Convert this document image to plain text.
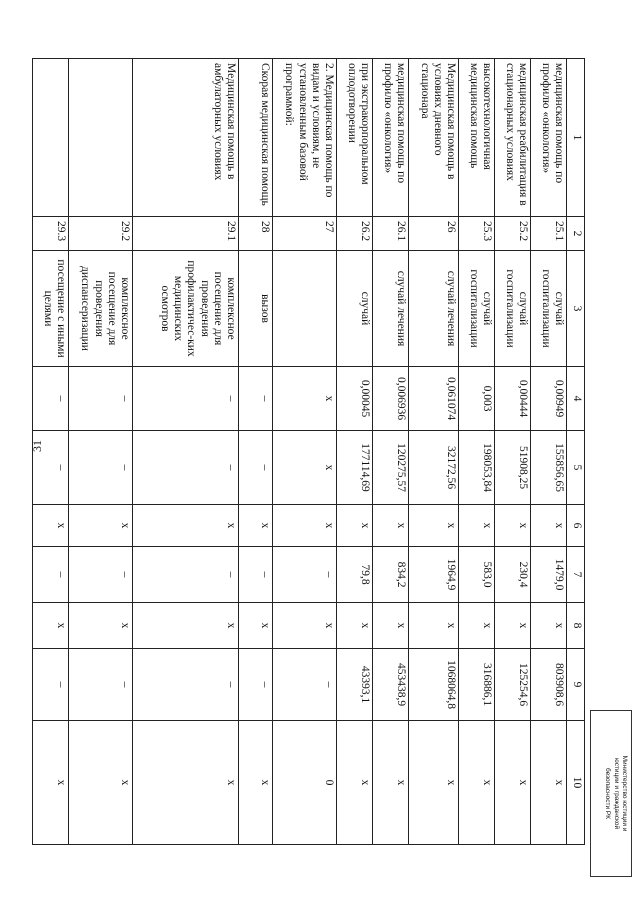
31
1	2	3	4	5	6	7	8	9	10
медицинская помощь по профилю «онкология»	25.1	случай госпитализации	0,00949	155856,65	х	1479,0	х	803908,6	х
медицинская реабилитация в стационарных условиях	25.2	случай госпитализации	0,00444	51908,25	х	230,4	х	125254,6	х
высокотехнологичная медицинская помощь	25.3	случай госпитализации	0,003	198053,84	х	583,0	х	316886,1	х
Медицинская помощь в условиях дневного стационара	26	случай лечения	0,061074	32172,56	х	1964,9	х	1068064,8	х
медицинская помощь по профилю «онкология»	26.1	случай лечения	0,006936	120275,57	х	834,2	х	453438,9	х
при экстракорпоральном оплодотворении	26.2	случай	0,00045	177114,69	х	79,8	х	43393,1	х
2. Медицинская помощь по видам и условиям, не установленным базовой программой:	27		х	х	х	–	х	–	0
Скорая медицинская помощь	28	вызов	–	–	х	–	х	–	х
Медицинская помощь в амбулаторных условиях	29.1	комплексное посещение для проведения профилактичес-ких медицинских осмотров	–	–	х	–	х	–	х
	29.2	комплексное посещение для проведения диспансеризации	–	–	х	–	х	–	х
	29.3	посещение с иными целями	–	–	х	–	х	–	х	Министерство юстиции и
юстиции и гражданской
безопасности РК
